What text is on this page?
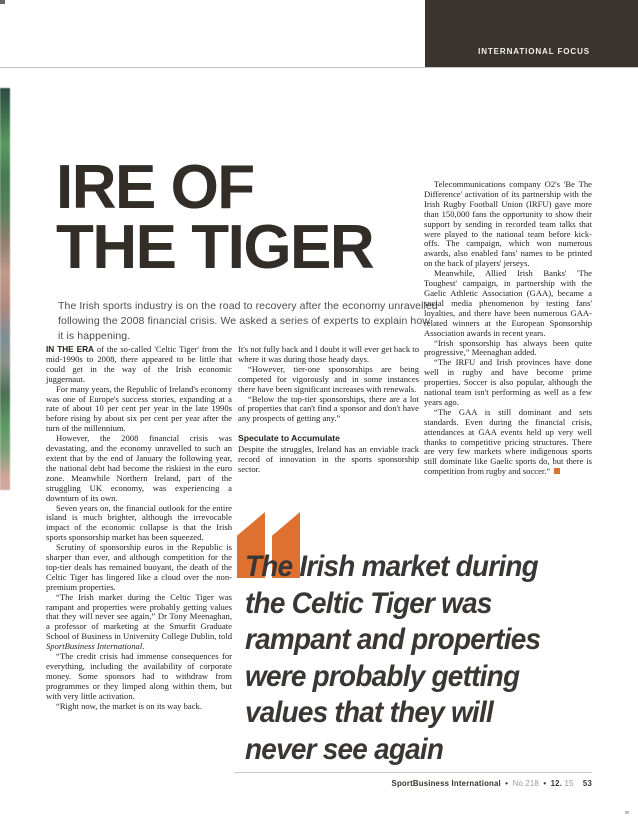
INTERNATIONAL FOCUS
IRE OF
THE TIGER

The Irish sports industry is on the road to recovery after the economy unravelled following the 2008 financial crisis. We asked a series of experts to explain how it is happening.

IN THE ERA of the so-called 'Celtic Tiger' from the mid-1990s to 2008, there appeared to be little that could get in the way of the Irish economic juggernaut.

For many years, the Republic of Ireland's economy was one of Europe's success stories, expanding at a rate of about 10 per cent per year in the late 1990s before rising by about six per cent per year after the turn of the millennium.

However, the 2008 financial crisis was devastating, and the economy unravelled to such an extent that by the end of January the following year, the national debt had become the riskiest in the euro zone. Meanwhile Northern Ireland, part of the struggling UK economy, was experiencing a downturn of its own.

Seven years on, the financial outlook for the entire island is much brighter, although the irrevocable impact of the economic collapse is that the Irish sports sponsorship market has been squeezed.

Scrutiny of sponsorship euros in the Republic is sharper than ever, and although competition for the top-tier deals has remained buoyant, the death of the Celtic Tiger has lingered like a cloud over the non-premium properties.

“The Irish market during the Celtic Tiger was rampant and properties were probably getting values that they will never see again,” Dr Tony Meenaghan, a professor of marketing at the Smurfit Graduate School of Business in University College Dublin, told SportBusiness International.

“The credit crisis had immense consequences for everything, including the availability of corporate money. Some sponsors had to withdraw from programmes or they limped along within them, but with very little activation.

“Right now, the market is on its way back.

It's not fully back and I doubt it will ever get back to where it was during those heady days.

“However, tier-one sponsorships are being competed for vigorously and in some instances there have been significant increases with renewals.

“Below the top-tier sponsorships, there are a lot of properties that can't find a sponsor and don't have any prospects of getting any.”

Speculate to Accumulate

Despite the struggles, Ireland has an enviable track record of innovation in the sports sponsorship sector.

Telecommunications company O2's 'Be The Difference' activation of its partnership with the Irish Rugby Football Union (IRFU) gave more than 150,000 fans the opportunity to show their support by sending in recorded team talks that were played to the national team before kick-offs. The campaign, which won numerous awards, also enabled fans' names to be printed on the back of players' jerseys.

Meanwhile, Allied Irish Banks' 'The Toughest' campaign, in partnership with the Gaelic Athletic Association (GAA), became a social media phenomenon by testing fans' loyalties, and there have been numerous GAA-related winners at the European Sponsorship Association awards in recent years.

“Irish sponsorship has always been quite progressive,” Meenaghan added.

“The IRFU and Irish provinces have done well in rugby and have become prime properties. Soccer is also popular, although the national team isn't performing as well as a few years ago.

“The GAA is still dominant and sets standards. Even during the financial crisis, attendances at GAA events held up very well thanks to competitive pricing structures. There are very few markets where indigenous sports still dominate like Gaelic sports do, but there is competition from rugby and soccer.”

The Irish market during
the Celtic Tiger was
rampant and properties
were probably getting
values that they will
never see again
SportBusiness International • No.218 • 12. 15 53
